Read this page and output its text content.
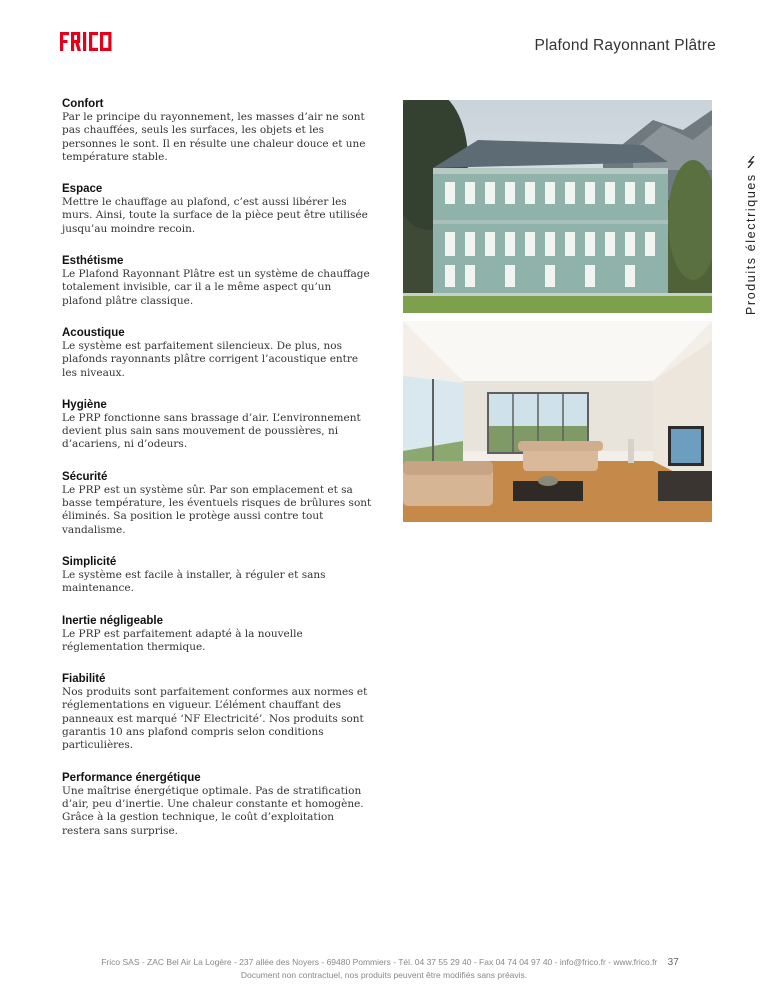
Plafond Rayonnant Plâtre
Produits électriques
Confort

Par le principe du rayonnement, les masses d’air ne sont pas chauffées, seuls les surfaces, les objets et les personnes le sont. Il en résulte une chaleur douce et une température stable.

Espace

Mettre le chauffage au plafond, c’est aussi libérer les murs. Ainsi, toute la surface de la pièce peut être utilisée jusqu’au moindre recoin.

Esthétisme

Le Plafond Rayonnant Plâtre est un système de chauffage totalement invisible, car il a le même aspect qu’un plafond plâtre classique.

Acoustique

Le système est parfaitement silencieux. De plus, nos plafonds rayonnants plâtre corrigent l’acoustique entre les niveaux.

Hygiène

Le PRP fonctionne sans brassage d’air. L’environnement devient plus sain sans mouvement de poussières, ni d’acariens, ni d’odeurs.

Sécurité

Le PRP est un système sûr. Par son emplacement et sa basse température, les éventuels risques de brûlures sont éliminés. Sa position le protège aussi contre tout vandalisme.

Simplicité

Le système est facile à installer, à réguler et sans maintenance.

Inertie négligeable

Le PRP est parfaitement adapté à la nouvelle réglementation thermique.

Fiabilité

Nos produits sont parfaitement conformes aux normes et réglementations en vigueur. L’élément chauffant des panneaux est marqué ‘NF Electricité’. Nos produits sont garantis 10 ans plafond compris selon conditions particulières.

Performance énergétique

Une maîtrise énergétique optimale. Pas de stratification d’air, peu d’inertie. Une chaleur constante et homogène. Grâce à la gestion technique, le coût d’exploitation restera sans surprise.

Frico SAS - ZAC Bel Air La Logère - 237 allée des Noyers - 69480 Pommiers - Tél. 04 37 55 29 40 - Fax 04 74 04 97 40 - info@frico.fr - www.frico.fr 37
Document non contractuel, nos produits peuvent être modifiés sans préavis.
